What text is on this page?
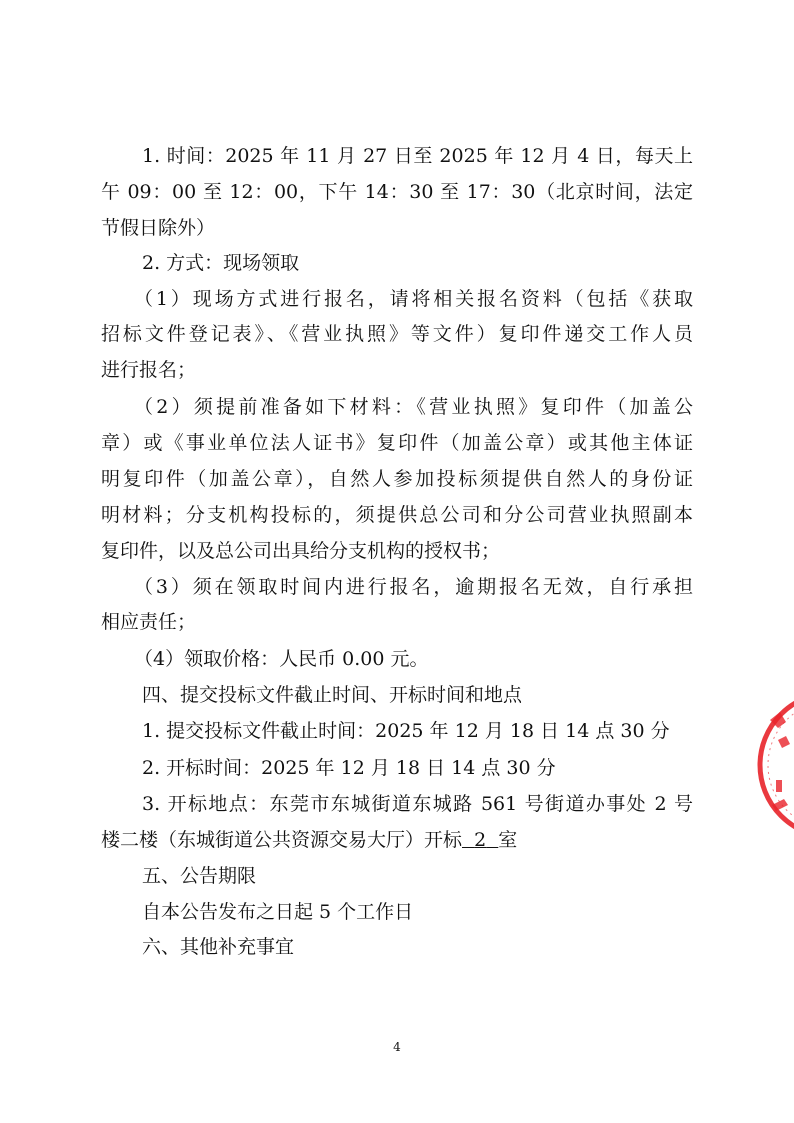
1. 时间：2025 年 11 月 27 日至 2025 年 12 月 4 日，每天上
午 09：00 至 12：00，下午 14：30 至 17：30（北京时间，法定
节假日除外）
2. 方式：现场领取
（1）现场方式进行报名，请将相关报名资料（包括《获取
招标文件登记表》、《营业执照》等文件）复印件递交工作人员
进行报名；
（2）须提前准备如下材料：《营业执照》复印件（加盖公
章）或《事业单位法人证书》复印件（加盖公章）或其他主体证
明复印件（加盖公章），自然人参加投标须提供自然人的身份证
明材料；分支机构投标的，须提供总公司和分公司营业执照副本
复印件，以及总公司出具给分支机构的授权书；
（3）须在领取时间内进行报名，逾期报名无效，自行承担
相应责任；
（4）领取价格：人民币 0.00 元。
四、提交投标文件截止时间、开标时间和地点
1. 提交投标文件截止时间：2025 年 12 月 18 日 14 点 30 分
2. 开标时间：2025 年 12 月 18 日 14 点 30 分
3. 开标地点：东莞市东城街道东城路 561 号街道办事处 2 号
楼二楼（东城街道公共资源交易大厅）开标 2 室
五、公告期限
自本公告发布之日起 5 个工作日
六、其他补充事宜
4
